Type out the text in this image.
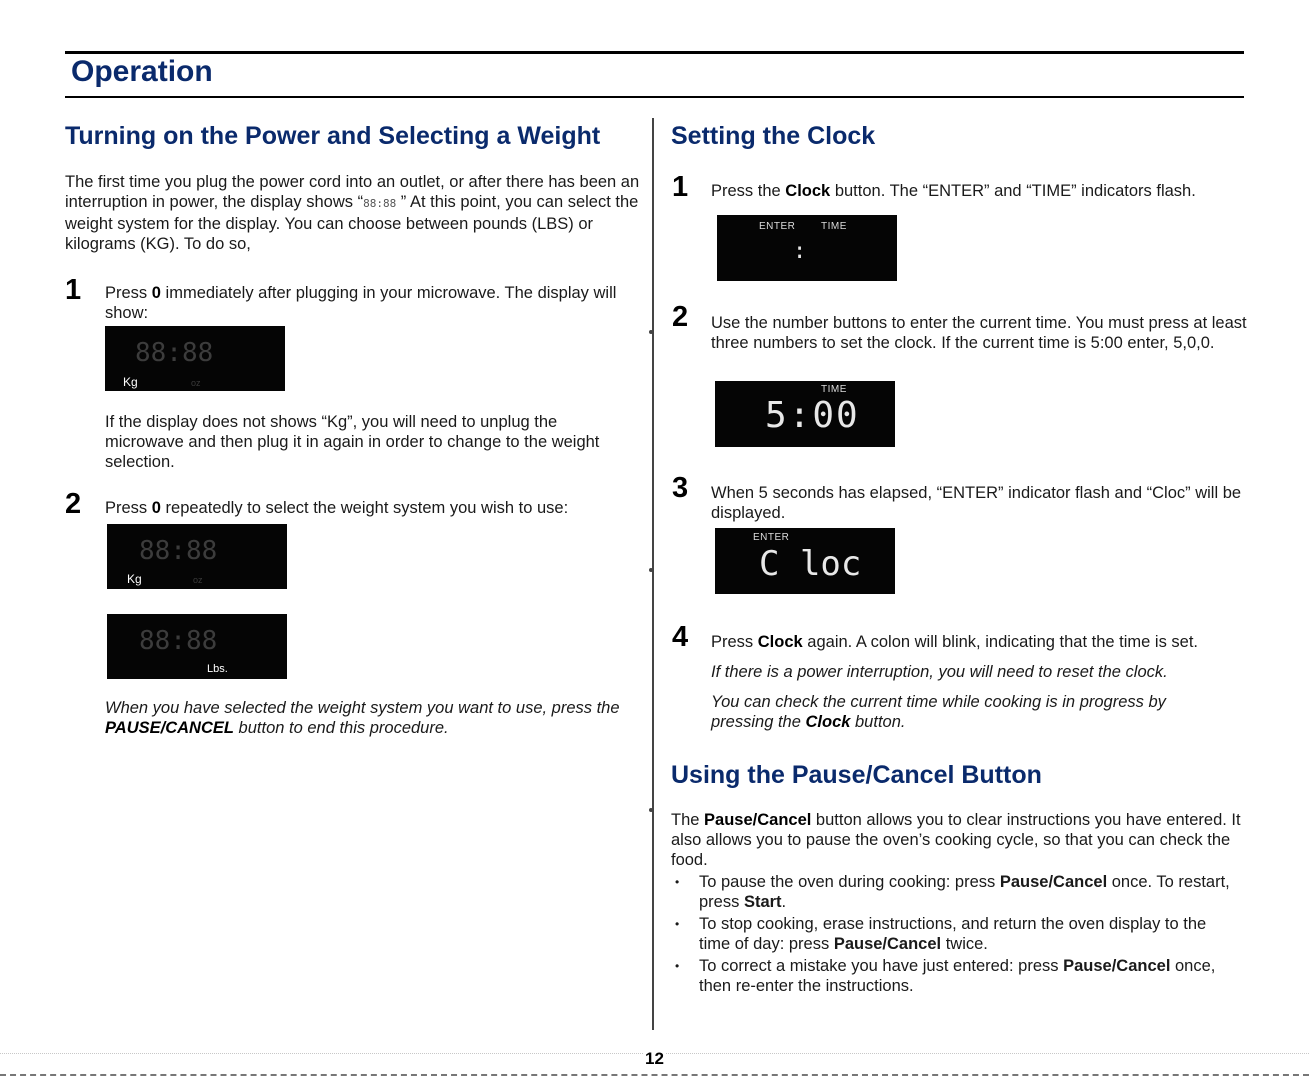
Operation
Turning on the Power and Selecting a Weight

The first time you plug the power cord into an outlet, or after there has been an interruption in power, the display shows “88:88 ” At this point, you can select the weight system for the display. You can choose between pounds (LBS) or kilograms (KG). To do so,

1 Press 0 immediately after plugging in your microwave. The display will show:

88:88
Kg	oz

If the display does not shows “Kg”, you will need to unplug the microwave and then plug it in again in order to change to the weight selection.

2 Press 0 repeatedly to select the weight system you wish to use:

88:88
Kg	oz
88:88
Lbs.

When you have selected the weight system you want to use, press the PAUSE/CANCEL button to end this procedure.

Setting the Clock
1 Press the Clock button. The “ENTER” and “TIME” indicators flash.

ENTER	TIME
:
2 Use the number buttons to enter the current time. You must press at least three numbers to set the clock. If the current time is 5:00 enter, 5,0,0.

TIME
5:00
3 When 5 seconds has elapsed, “ENTER” indicator flash and “Cloc” will be displayed.

ENTER
C loc
4 Press Clock again. A colon will blink, indicating that the time is set.

If there is a power interruption, you will need to reset the clock.

You can check the current time while cooking is in progress by pressing the Clock button.

Using the Pause/Cancel Button

The Pause/Cancel button allows you to clear instructions you have entered. It also allows you to pause the oven’s cooking cycle, so that you can check the food.

• To pause the oven during cooking: press Pause/Cancel once. To restart, press Start.
• To stop cooking, erase instructions, and return the oven display to the time of day: press Pause/Cancel twice.
• To correct a mistake you have just entered: press Pause/Cancel once, then re-enter the instructions.
12
